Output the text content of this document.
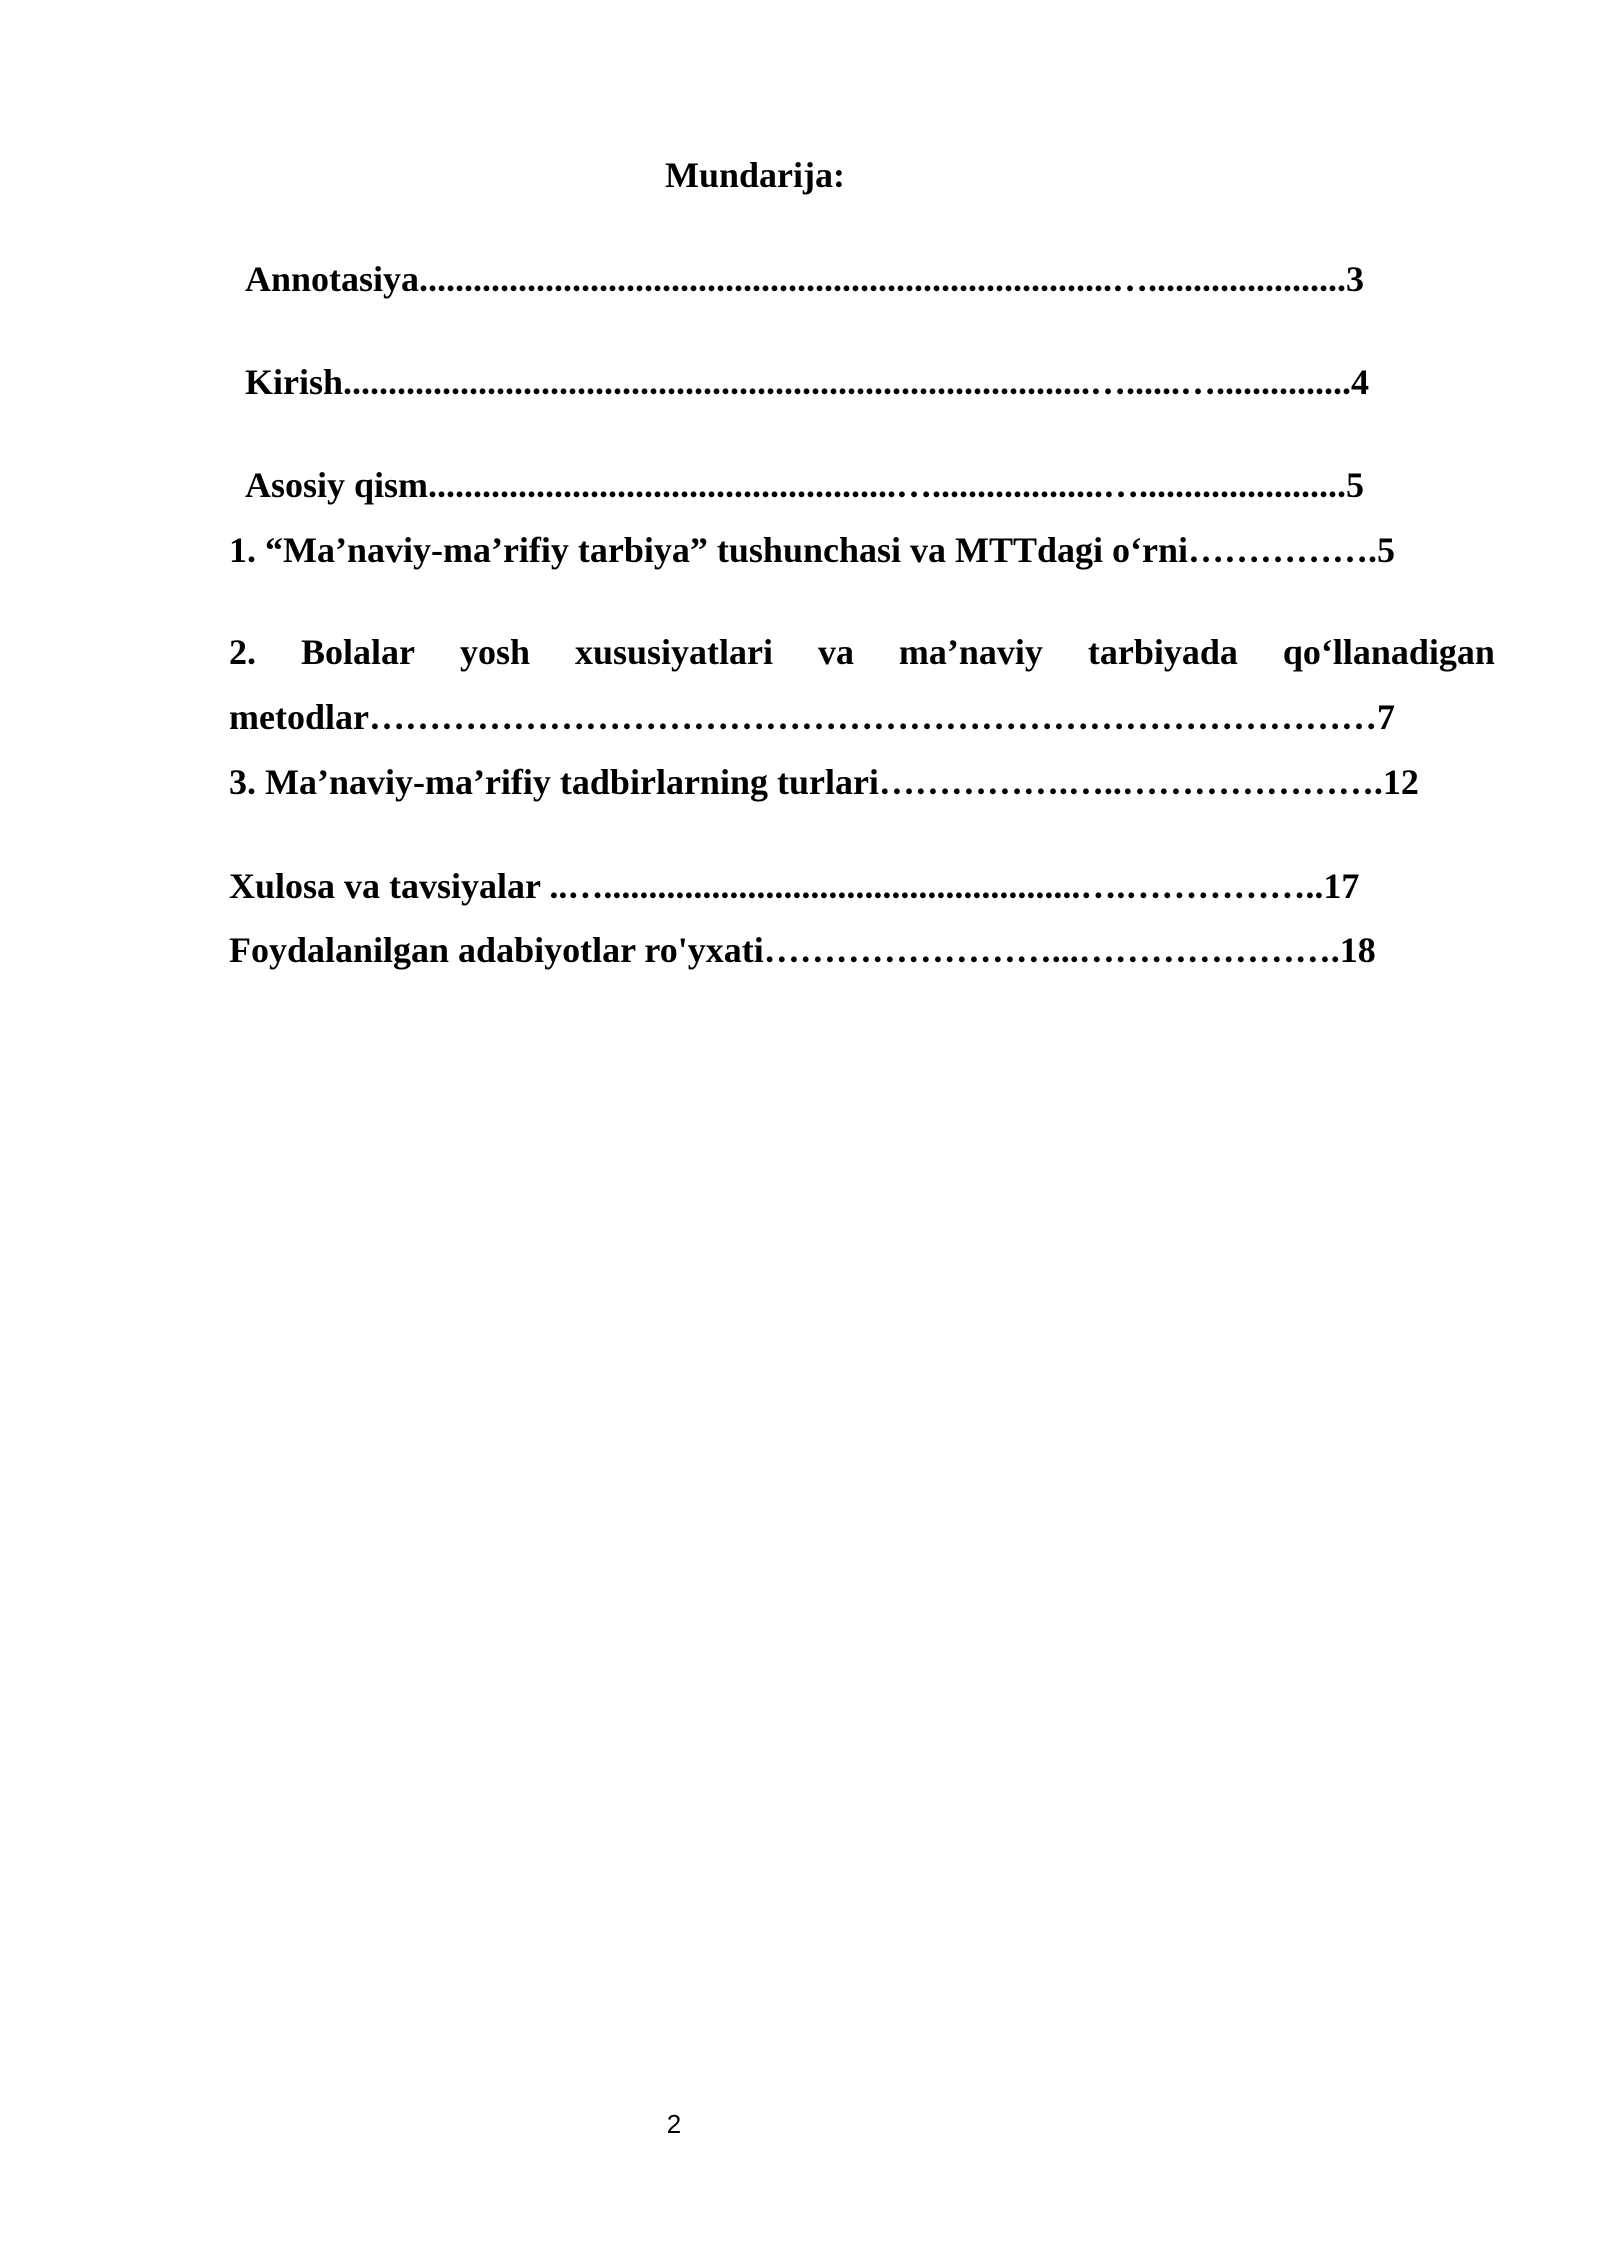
Mundarija:
Annotasiya.............................................................................…......................3
Kirish...................................................................................…......…...............4
Asosiy qism....................................................…...................….......................5
1. “Ma’naviy-ma’rifiy tarbiya” tushunchasi va MTTdagi o‘rni…………….5
2. Bolalar yosh xususiyatlari va ma’naviy tarbiyada qo‘llanadigan
metodlar…………………………………………………………………………7
3. Ma’naviy-ma’rifiy tadbirlarning turlari…………….…..………………….12
Xulosa va tavsiyalar ..….....................................................….……………..17
Foydalanilgan adabiyotlar ro'yxati……………………...………………….18
2
